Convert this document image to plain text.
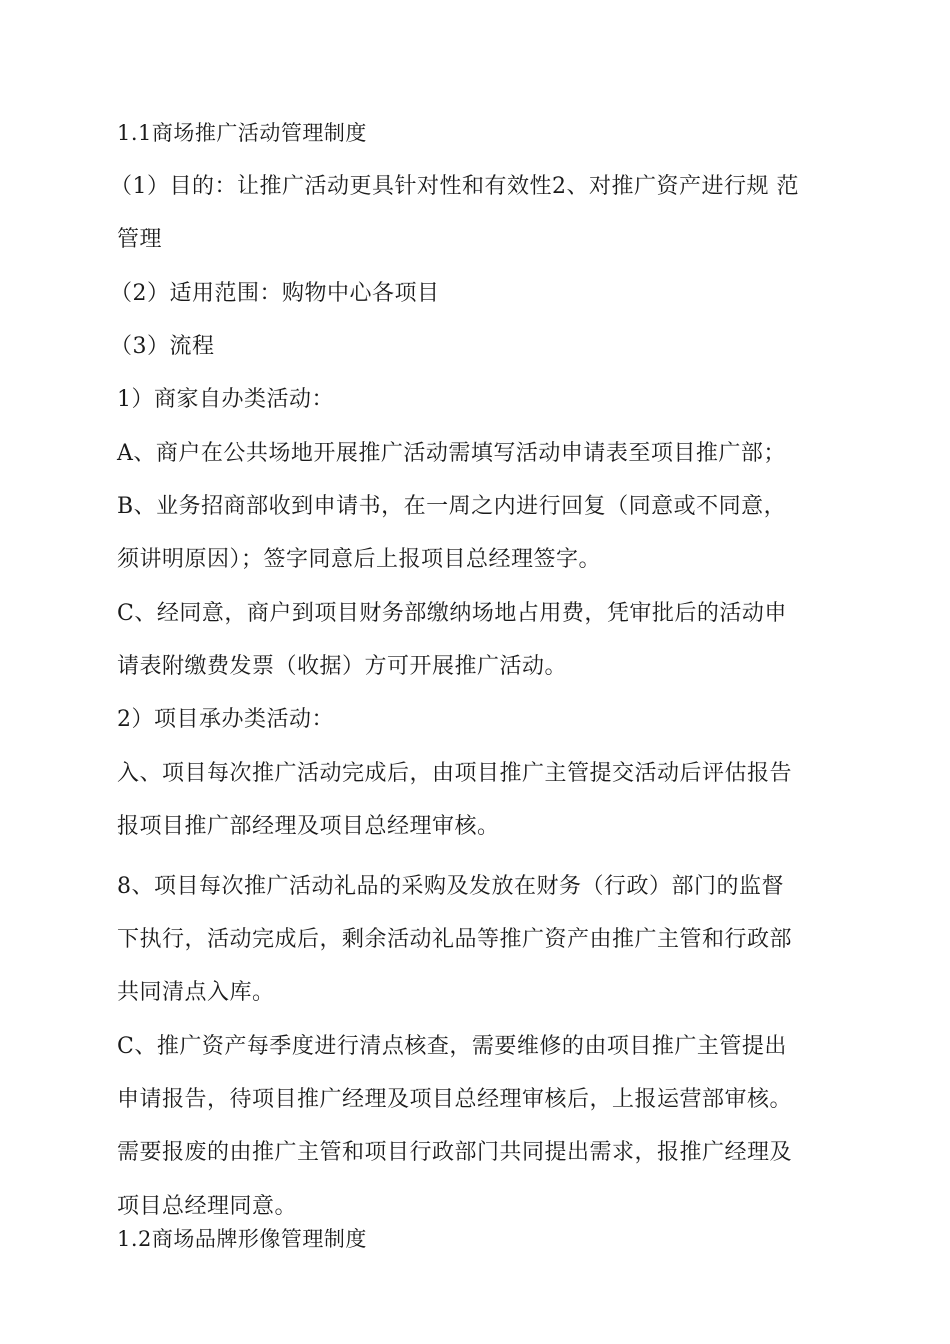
1.1商场推广活动管理制度
（1）目的：让推广活动更具针对性和有效性2、对推广资产进行规 范
管理
（2）适用范围：购物中心各项目
（3）流程
1）商家自办类活动：
A、商户在公共场地开展推广活动需填写活动申请表至项目推广部；
B、业务招商部收到申请书，在一周之内进行回复（同意或不同意，
须讲明原因）；签字同意后上报项目总经理签字。
C、经同意，商户到项目财务部缴纳场地占用费，凭审批后的活动申
请表附缴费发票（收据）方可开展推广活动。
2）项目承办类活动：
入、项目每次推广活动完成后，由项目推广主管提交活动后评估报告
报项目推广部经理及项目总经理审核。
8、项目每次推广活动礼品的采购及发放在财务（行政）部门的监督
下执行，活动完成后，剩余活动礼品等推广资产由推广主管和行政部
共同清点入库。
C、推广资产每季度进行清点核查，需要维修的由项目推广主管提出
申请报告，待项目推广经理及项目总经理审核后，上报运营部审核。
需要报废的由推广主管和项目行政部门共同提出需求，报推广经理及
项目总经理同意。
1.2商场品牌形像管理制度
